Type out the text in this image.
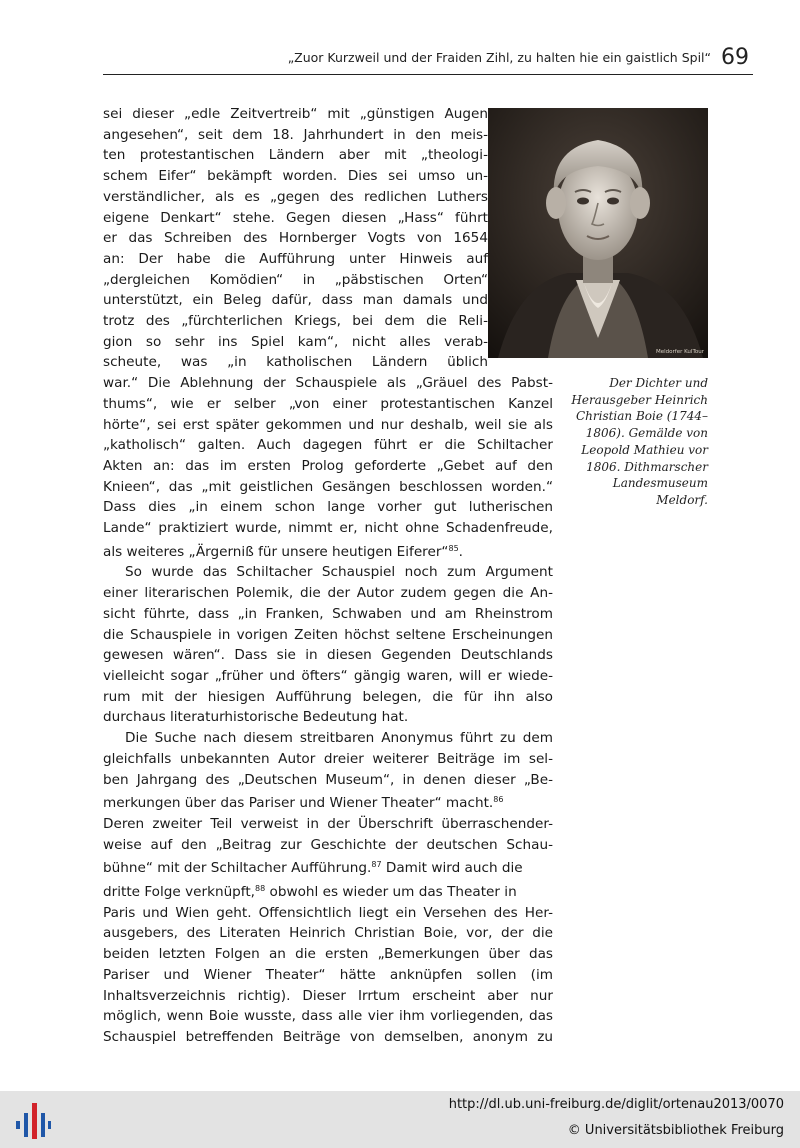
„Zuor Kurzweil und der Fraiden Zihl, zu halten hie ein gaistlich Spil“ 69
Meldorfer KulTour
Der Dichter und
Herausgeber Heinrich
Christian Boie (1744–
1806). Gemälde von
Leopold Mathieu vor
1806. Dithmarscher
Landesmuseum
Meldorf.
sei dieser „edle Zeitvertreib“ mit „günstigen Augen
angesehen“, seit dem 18. Jahrhundert in den meis-
ten protestantischen Ländern aber mit „theologi-
schem Eifer“ bekämpft worden. Dies sei umso un-
verständlicher, als es „gegen des redlichen Luthers
eigene Denkart“ stehe. Gegen diesen „Hass“ führt
er das Schreiben des Hornberger Vogts von 1654
an: Der habe die Aufführung unter Hinweis auf
„dergleichen Komödien“ in „päbstischen Orten“
unterstützt, ein Beleg dafür, dass man damals und
trotz des „fürchterlichen Kriegs, bei dem die Reli-
gion so sehr ins Spiel kam“, nicht alles verab-
scheute, was „in katholischen Ländern üblich
war.“ Die Ablehnung der Schauspiele als „Gräuel des Pabst-
thums“, wie er selber „von einer protestantischen Kanzel
hörte“, sei erst später gekommen und nur deshalb, weil sie als
„katholisch“ galten. Auch dagegen führt er die Schiltacher
Akten an: das im ersten Prolog geforderte „Gebet auf den
Knieen“, das „mit geistlichen Gesängen beschlossen worden.“
Dass dies „in einem schon lange vorher gut lutherischen
Lande“ praktiziert wurde, nimmt er, nicht ohne Schadenfreude,
als weiteres „Ärgerniß für unsere heutigen Eiferer“$^{85}$.
So wurde das Schiltacher Schauspiel noch zum Argument
einer literarischen Polemik, die der Autor zudem gegen die An-
sicht führte, dass „in Franken, Schwaben und am Rheinstrom
die Schauspiele in vorigen Zeiten höchst seltene Erscheinungen
gewesen wären“. Dass sie in diesen Gegenden Deutschlands
vielleicht sogar „früher und öfters“ gängig waren, will er wiede-
rum mit der hiesigen Aufführung belegen, die für ihn also
durchaus literaturhistorische Bedeutung hat.
Die Suche nach diesem streitbaren Anonymus führt zu dem
gleichfalls unbekannten Autor dreier weiterer Beiträge im sel-
ben Jahrgang des „Deutschen Museum“, in denen dieser „Be-
merkungen über das Pariser und Wiener Theater“ macht.$^{86}$
Deren zweiter Teil verweist in der Überschrift überraschender-
weise auf den „Beitrag zur Geschichte der deutschen Schau-
bühne“ mit der Schiltacher Aufführung.$^{87}$ Damit wird auch die
dritte Folge verknüpft,$^{88}$ obwohl es wieder um das Theater in
Paris und Wien geht. Offensichtlich liegt ein Versehen des Her-
ausgebers, des Literaten Heinrich Christian Boie, vor, der die
beiden letzten Folgen an die ersten „Bemerkungen über das
Pariser und Wiener Theater“ hätte anknüpfen sollen (im
Inhaltsverzeichnis richtig). Dieser Irrtum erscheint aber nur
möglich, wenn Boie wusste, dass alle vier ihm vorliegenden, das
Schauspiel betreffenden Beiträge von demselben, anonym zu
http://dl.ub.uni-freiburg.de/diglit/ortenau2013/0070
© Universitätsbibliothek Freiburg
